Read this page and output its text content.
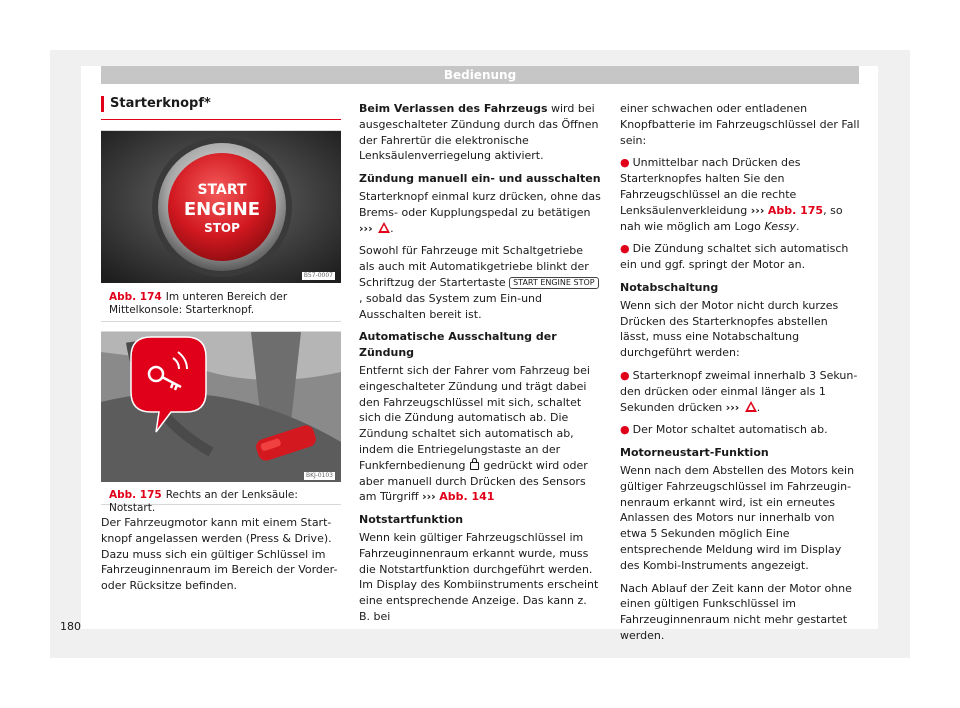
Bedienung
Starterknopf*
START
ENGINE
STOP
B57-0007
Abb. 174 Im unteren Bereich der Mittelkonsole: Starterknopf.
BKJ-0103
Abb. 175 Rechts an der Lenksäule: Notstart.

Der Fahrzeugmotor kann mit einem Startknopf angelassen werden (Press & Drive). Dazu muss sich ein gültiger Schlüssel im Fahrzeuginnenraum im Bereich der Vorder- oder Rücksitze befinden.

Beim Verlassen des Fahrzeugs wird bei ausgeschalteter Zündung durch das Öffnen der Fahrertür die elektronische Lenksäulenverriegelung aktiviert.

Zündung manuell ein- und ausschalten

Starterknopf einmal kurz drücken, ohne das Brems- oder Kupplungspedal zu betätigen ››› .

Sowohl für Fahrzeuge mit Schaltgetriebe als auch mit Automatikgetriebe blinkt der Schriftzug der Startertaste START ENGINE STOP, sobald das System zum Ein-und Ausschalten bereit ist.

Automatische Ausschaltung der Zündung

Entfernt sich der Fahrer vom Fahrzeug bei eingeschalteter Zündung und trägt dabei den Fahrzeugschlüssel mit sich, schaltet sich die Zündung automatisch ab. Die Zündung schaltet sich automatisch ab, indem die Entriegelungstaste an der Funkfernbedienung  gedrückt wird oder aber manuell durch Drücken des Sensors am Türgriff ››› Abb. 141

Notstartfunktion

Wenn kein gültiger Fahrzeugschlüssel im Fahrzeuginnenraum erkannt wurde, muss die Notstartfunktion durchgeführt werden. Im Display des Kombiinstruments erscheint eine entsprechende Anzeige. Das kann z. B. bei

einer schwachen oder entladenen Knopfbatterie im Fahrzeugschlüssel der Fall sein:

● Unmittelbar nach Drücken des Starterknopfes halten Sie den Fahrzeugschlüssel an die rechte Lenksäulenverkleidung ››› Abb. 175, so nah wie möglich am Logo Kessy.

● Die Zündung schaltet sich automatisch ein und ggf. springt der Motor an.

Notabschaltung

Wenn sich der Motor nicht durch kurzes Drücken des Starterknopfes abstellen lässt, muss eine Notabschaltung durchgeführt werden:

● Starterknopf zweimal innerhalb 3 Sekunden drücken oder einmal länger als 1 Sekunden drücken ››› .

● Der Motor schaltet automatisch ab.

Motorneustart-Funktion

Wenn nach dem Abstellen des Motors kein gültiger Fahrzeugschlüssel im Fahrzeuginnenraum erkannt wird, ist ein erneutes Anlassen des Motors nur innerhalb von etwa 5 Sekunden möglich Eine entsprechende Meldung wird im Display des Kombi-Instruments angezeigt.

Nach Ablauf der Zeit kann der Motor ohne einen gültigen Funkschlüssel im Fahrzeuginnenraum nicht mehr gestartet werden.

180
